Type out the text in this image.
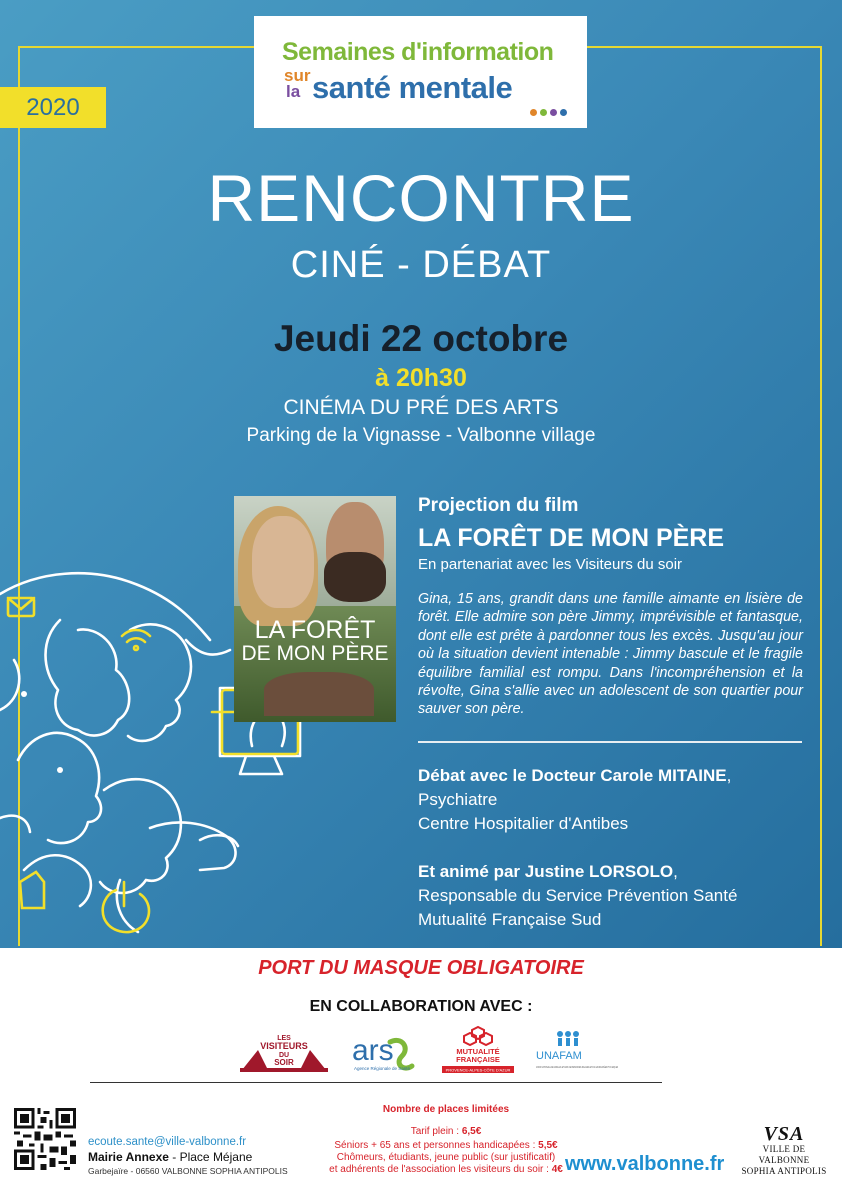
2020
Semaines d'information
sur
la santé mentale
RENCONTRE
CINÉ - DÉBAT
Jeudi 22 octobre
à 20h30
CINÉMA DU PRÉ DES ARTS
Parking de la Vignasse - Valbonne village
LA FORÊT
DE MON PÈRE
Projection du film
LA FORÊT DE MON PÈRE
En partenariat avec les Visiteurs du soir
Gina, 15 ans, grandit dans une famille aimante en lisière de forêt. Elle admire son père Jimmy, imprévisible et fantasque, dont elle est prête à pardonner tous les excès. Jusqu'au jour où la situation devient intenable : Jimmy bascule et le fragile équilibre familial est rompu. Dans l'incompréhension et la révolte, Gina s'allie avec un adolescent de son quartier pour sauver son père.
Débat avec le Docteur Carole MITAINE,
Psychiatre
Centre Hospitalier d'Antibes
Et animé par Justine LORSOLO,
Responsable du Service Prévention Santé
Mutualité Française Sud
PORT DU MASQUE OBLIGATOIRE
EN COLLABORATION AVEC :
LES
VISITEURS
DU
SOIR ars
Agence Régionale de Santé
MUTUALITÉ
FRANÇAISE
PROVENCE-ALPES-CÔTE D'AZUR
UNAFAM
UNION NATIONALE DE FAMILLES ET AMIS DE PERSONNES MALADES ET/OU HANDICAPÉES PSYCHIQUES
ecoute.sante@ville-valbonne.fr
Mairie Annexe - Place Méjane
Garbejaïre - 06560 VALBONNE SOPHIA ANTIPOLIS
Nombre de places limitées
Tarif plein : 6,5€
Séniors + 65 ans et personnes handicapées : 5,5€
Chômeurs, étudiants, jeune public (sur justificatif)
et adhérents de l'association les visiteurs du soir : 4€ www.valbonne.fr
VSA
VILLE DE VALBONNE
SOPHIA ANTIPOLIS
